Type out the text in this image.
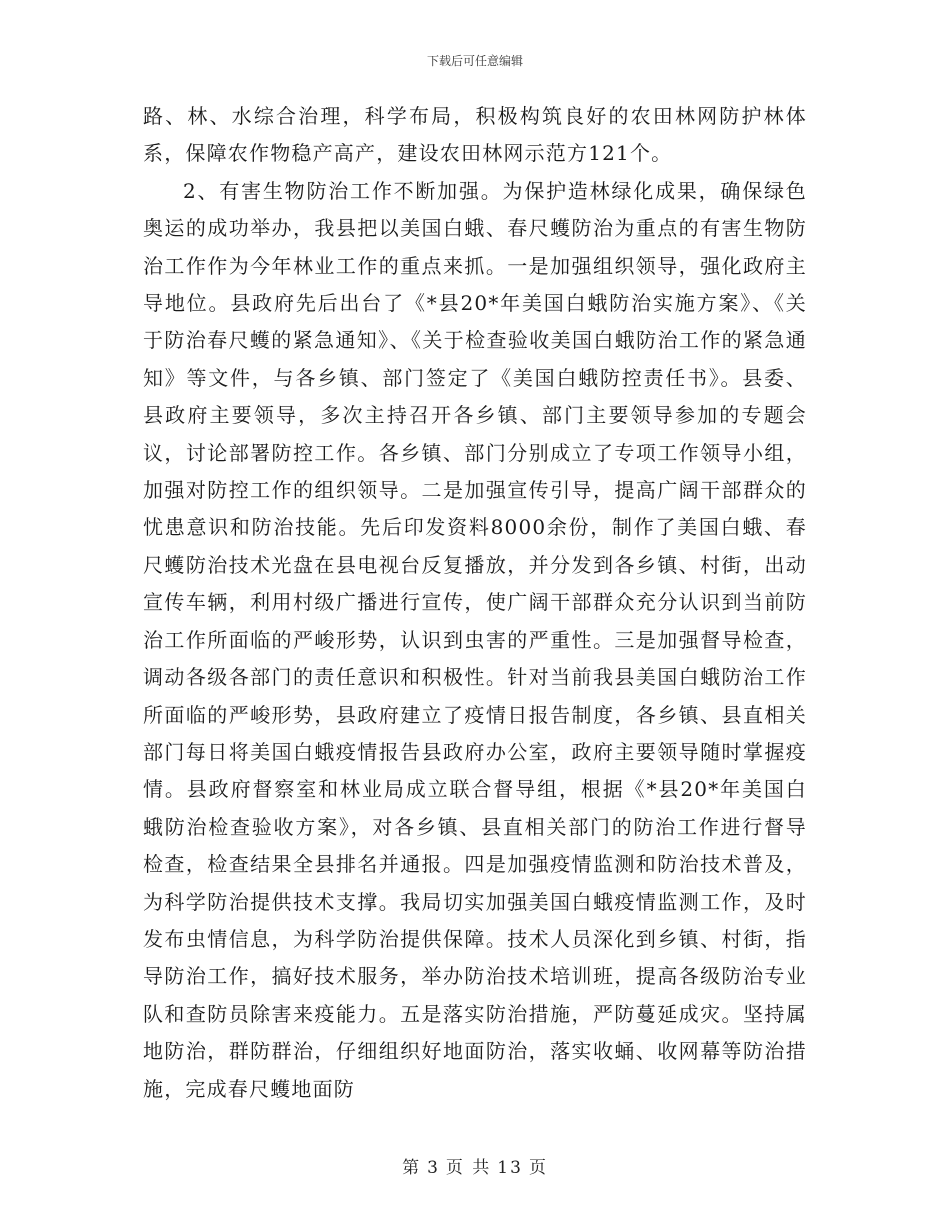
下载后可任意编辑

路、林、水综合治理，科学布局，积极构筑良好的农田林网防护林体系，保障农作物稳产高产，建设农田林网示范方121个。

2、有害生物防治工作不断加强。为保护造林绿化成果，确保绿色奥运的成功举办，我县把以美国白蛾、春尺蠖防治为重点的有害生物防治工作作为今年林业工作的重点来抓。一是加强组织领导，强化政府主导地位。县政府先后出台了《*县20*年美国白蛾防治实施方案》、《关于防治春尺蠖的紧急通知》、《关于检查验收美国白蛾防治工作的紧急通知》等文件，与各乡镇、部门签定了《美国白蛾防控责任书》。县委、县政府主要领导，多次主持召开各乡镇、部门主要领导参加的专题会议，讨论部署防控工作。各乡镇、部门分别成立了专项工作领导小组，加强对防控工作的组织领导。二是加强宣传引导，提高广阔干部群众的忧患意识和防治技能。先后印发资料8000余份，制作了美国白蛾、春尺蠖防治技术光盘在县电视台反复播放，并分发到各乡镇、村街，出动宣传车辆，利用村级广播进行宣传，使广阔干部群众充分认识到当前防治工作所面临的严峻形势，认识到虫害的严重性。三是加强督导检查，调动各级各部门的责任意识和积极性。针对当前我县美国白蛾防治工作所面临的严峻形势，县政府建立了疫情日报告制度，各乡镇、县直相关部门每日将美国白蛾疫情报告县政府办公室，政府主要领导随时掌握疫情。县政府督察室和林业局成立联合督导组，根据《*县20*年美国白蛾防治检查验收方案》，对各乡镇、县直相关部门的防治工作进行督导检查，检查结果全县排名并通报。四是加强疫情监测和防治技术普及，为科学防治提供技术支撑。我局切实加强美国白蛾疫情监测工作，及时发布虫情信息，为科学防治提供保障。技术人员深化到乡镇、村街，指导防治工作，搞好技术服务，举办防治技术培训班，提高各级防治专业队和查防员除害来疫能力。五是落实防治措施，严防蔓延成灾。坚持属地防治，群防群治，仔细组织好地面防治，落实收蛹、收网幕等防治措施，完成春尺蠖地面防

第 3 页 共 13 页
